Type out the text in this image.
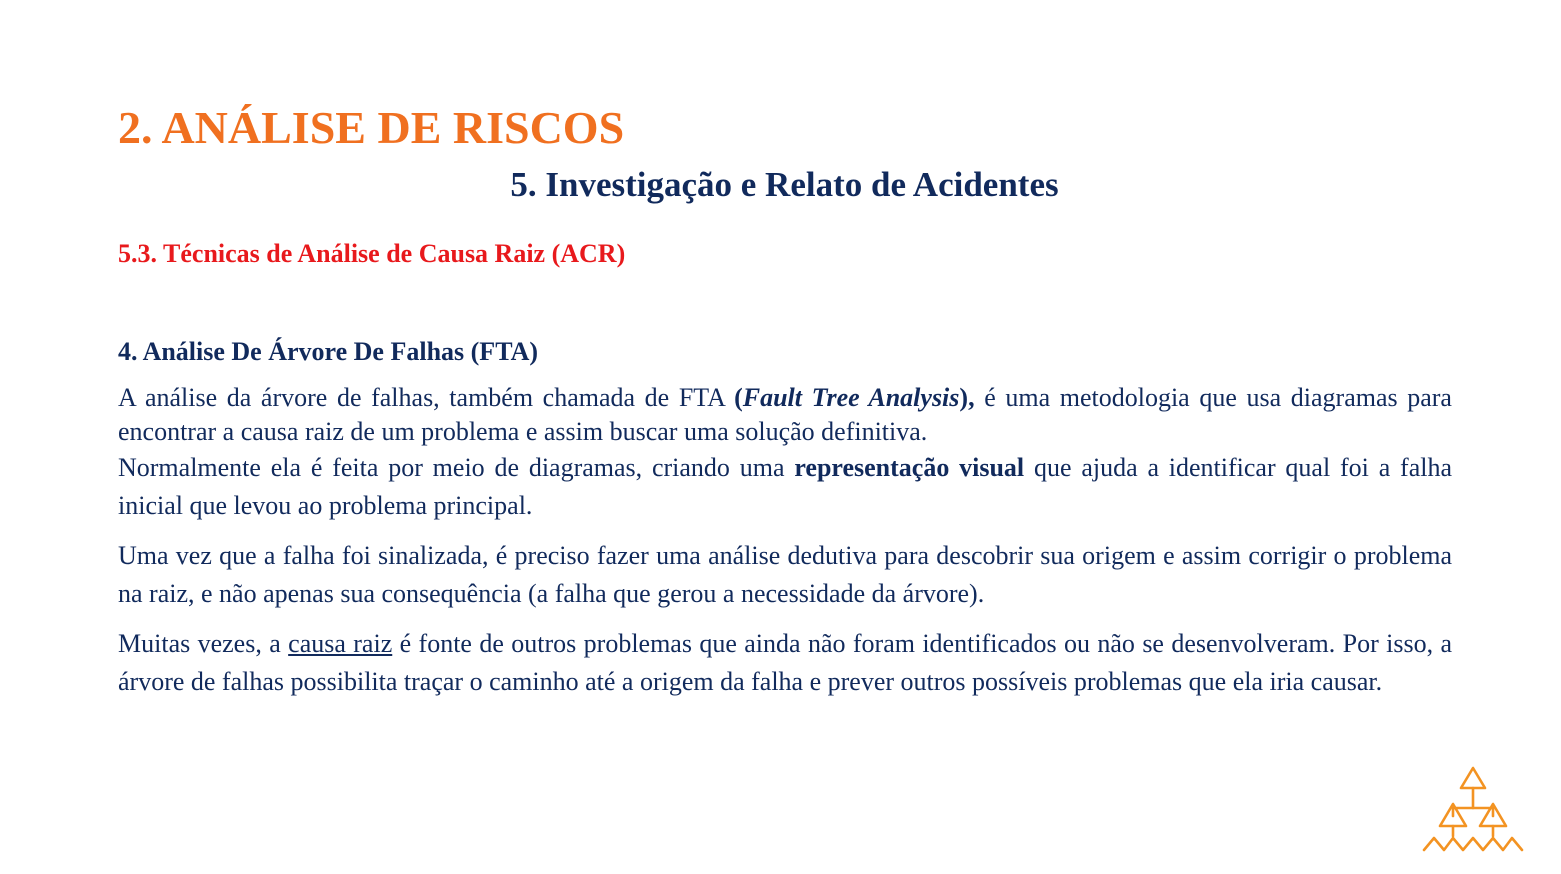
2. ANÁLISE DE RISCOS
5. Investigação e Relato de Acidentes
5.3. Técnicas de Análise de Causa Raiz (ACR)
4. Análise De Árvore De Falhas (FTA)

A análise da árvore de falhas, também chamada de FTA (Fault Tree Analysis), é uma metodologia que usa diagramas para encontrar a causa raiz de um problema e assim buscar uma solução definitiva.

Normalmente ela é feita por meio de diagramas, criando uma representação visual que ajuda a identificar qual foi a falha inicial que levou ao problema principal.

Uma vez que a falha foi sinalizada, é preciso fazer uma análise dedutiva para descobrir sua origem e assim corrigir o problema na raiz, e não apenas sua consequência (a falha que gerou a necessidade da árvore).

Muitas vezes, a causa raiz é fonte de outros problemas que ainda não foram identificados ou não se desenvolveram. Por isso, a árvore de falhas possibilita traçar o caminho até a origem da falha e prever outros possíveis problemas que ela iria causar.
